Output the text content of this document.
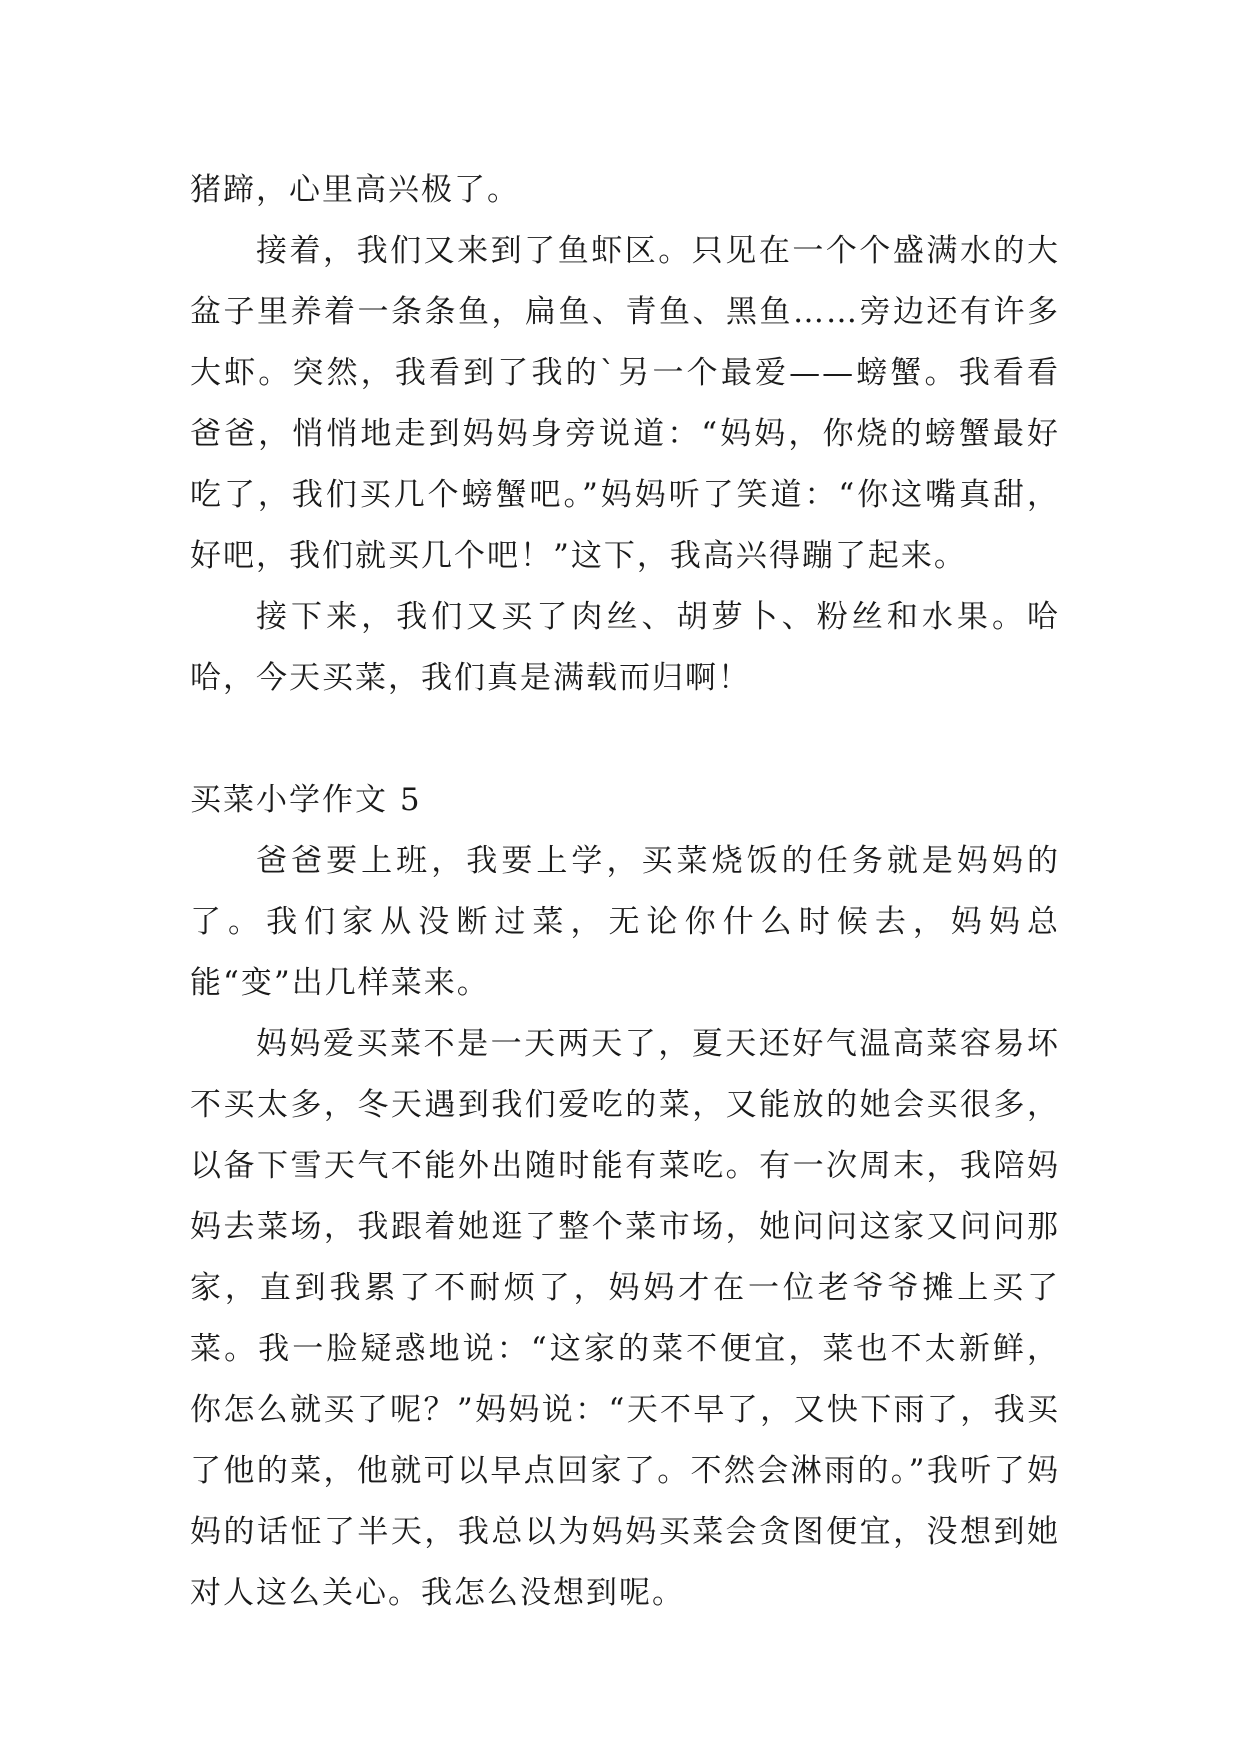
猪蹄，心里高兴极了。

接着，我们又来到了鱼虾区。只见在一个个盛满水的大盆子里养着一条条鱼，扁鱼、青鱼、黑鱼……旁边还有许多大虾。突然，我看到了我的`另一个最爱——螃蟹。我看看爸爸，悄悄地走到妈妈身旁说道：“妈妈，你烧的螃蟹最好吃了，我们买几个螃蟹吧。”妈妈听了笑道：“你这嘴真甜，好吧，我们就买几个吧！”这下，我高兴得蹦了起来。

接下来，我们又买了肉丝、胡萝卜、粉丝和水果。哈哈，今天买菜，我们真是满载而归啊！

买菜小学作文 5

爸爸要上班，我要上学，买菜烧饭的任务就是妈妈的了。我们家从没断过菜，无论你什么时候去，妈妈总能“变”出几样菜来。

妈妈爱买菜不是一天两天了，夏天还好气温高菜容易坏不买太多，冬天遇到我们爱吃的菜，又能放的她会买很多，以备下雪天气不能外出随时能有菜吃。有一次周末，我陪妈妈去菜场，我跟着她逛了整个菜市场，她问问这家又问问那家，直到我累了不耐烦了，妈妈才在一位老爷爷摊上买了菜。我一脸疑惑地说：“这家的菜不便宜，菜也不太新鲜，你怎么就买了呢？”妈妈说：“天不早了，又快下雨了，我买了他的菜，他就可以早点回家了。不然会淋雨的。”我听了妈妈的话怔了半天，我总以为妈妈买菜会贪图便宜，没想到她对人这么关心。我怎么没想到呢。
